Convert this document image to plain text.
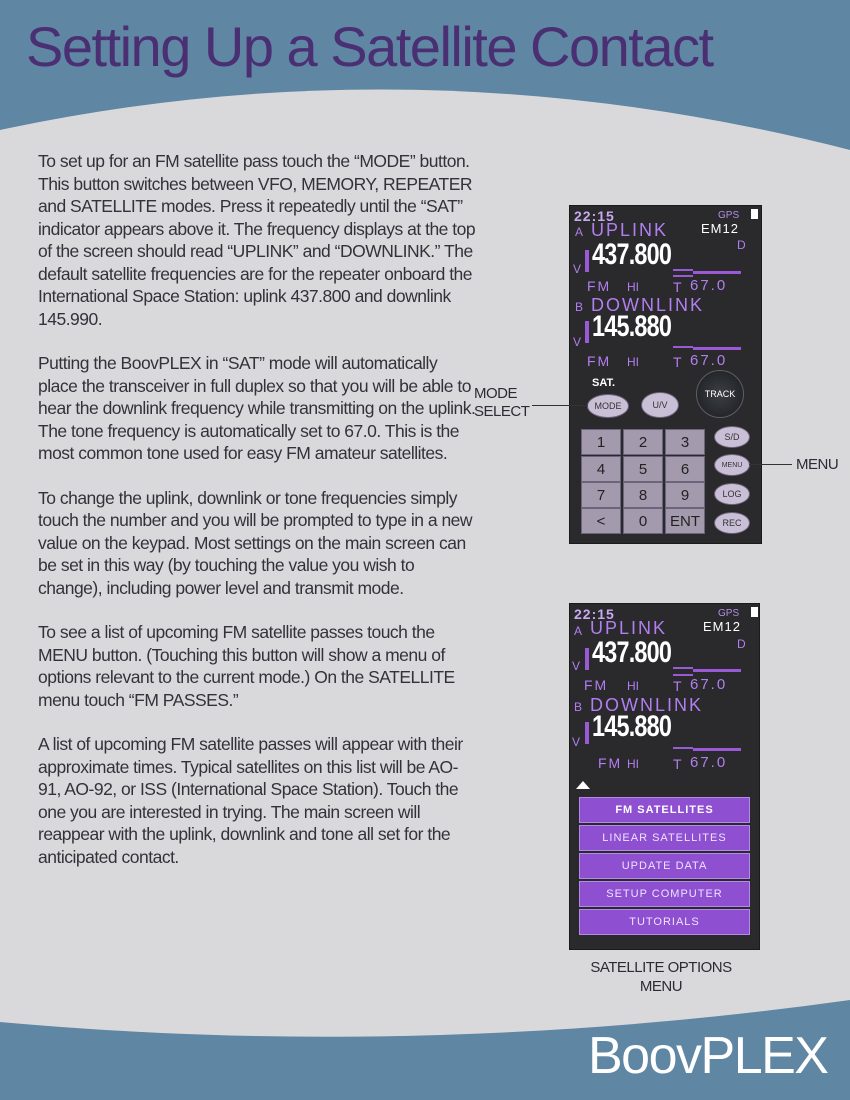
Setting Up a Satellite Contact

To set up for an FM satellite pass touch the “MODE” button. This button switches between VFO, MEMORY, REPEATER and SATELLITE modes. Press it repeatedly until the “SAT” indicator appears above it. The frequency displays at the top of the screen should read “UPLINK” and “DOWNLINK.” The default satellite frequencies are for the repeater onboard the International Space Station: uplink 437.800 and downlink 145.990.

Putting the BoovPLEX in “SAT” mode will automatically place the transceiver in full duplex so that you will be able to hear the downlink frequency while transmitting on the uplink. The tone frequency is automatically set to 67.0. This is the most common tone used for easy FM amateur satellites.

To change the uplink, downlink or tone frequencies simply touch the number and you will be prompted to type in a new value on the keypad. Most settings on the main screen can be set in this way (by touching the value you wish to change), including power level and transmit mode.

To see a list of upcoming FM satellite passes touch the MENU button. (Touching this button will show a menu of options relevant to the current mode.) On the SATELLITE menu touch “FM PASSES.”

A list of upcoming FM satellite passes will appear with their approximate times. Typical satellites on this list will be AO-91, AO-92, or ISS (International Space Station). Touch the one you are interested in trying. The main screen will reappear with the uplink, downlink and tone all set for the anticipated contact.

22:15	GPS
A UPLINK	EM12
D
V 437.800
FM HI T 67.0
B DOWNLINK
V 145.880
FM HI T 67.0
SAT.
MODE	U/V
TRACK
1	2	3
4	5	6
7	8	9
<	0	ENT
S/D
MENU
LOG
REC
MODE
SELECT
MENU
22:15	GPS
A UPLINK	EM12
D
V 437.800
FM HI T 67.0
B DOWNLINK
V 145.880
FM HI T 67.0
FM SATELLITES
LINEAR SATELLITES
UPDATE DATA
SETUP COMPUTER
TUTORIALS
SATELLITE OPTIONS
MENU
BoovPLEX
